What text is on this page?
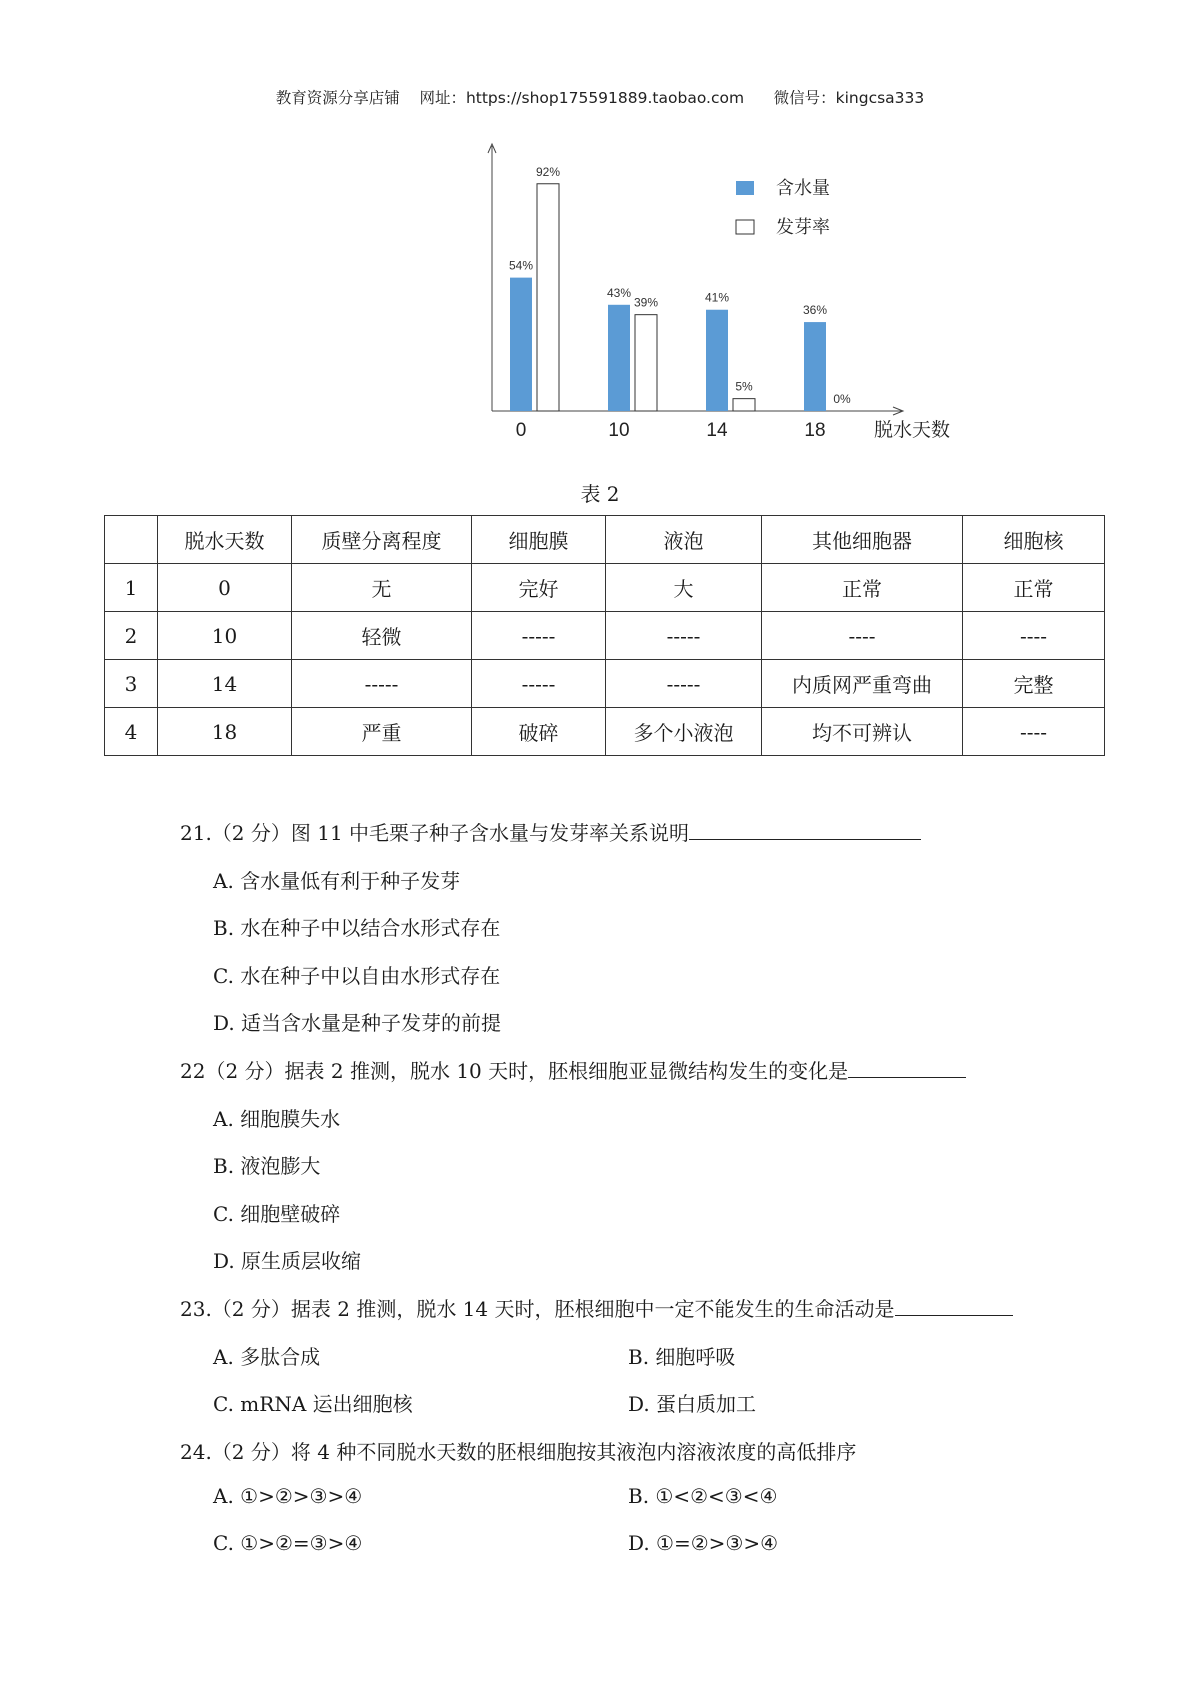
教育资源分享店铺    网址：https://shop175591889.taobao.com      微信号：kingcsa333
54%
92%
43%
39%	41%
5%
36%
0%
0	10	14	18	脱水天数
含水量
发芽率
表 2
	脱水天数	质壁分离程度	细胞膜	液泡	其他细胞器	细胞核
1	0	无	完好	大	正常	正常
2	10	轻微	-----	-----	----	----
3	14	-----	-----	-----	内质网严重弯曲	完整
4	18	严重	破碎	多个小液泡	均不可辨认	----
21.（2 分）图 11 中毛栗子种子含水量与发芽率关系说明
A. 含水量低有利于种子发芽
B. 水在种子中以结合水形式存在
C. 水在种子中以自由水形式存在
D. 适当含水量是种子发芽的前提
22（2 分）据表 2 推测，脱水 10 天时，胚根细胞亚显微结构发生的变化是
A. 细胞膜失水
B. 液泡膨大
C. 细胞壁破碎
D. 原生质层收缩
23.（2 分）据表 2 推测，脱水 14 天时，胚根细胞中一定不能发生的生命活动是
A. 多肽合成	B. 细胞呼吸
C. mRNA 运出细胞核	D. 蛋白质加工
24.（2 分）将 4 种不同脱水天数的胚根细胞按其液泡内溶液浓度的高低排序
A. ①>②>③>④	B. ①<②<③<④
C. ①>②=③>④	D. ①=②>③>④
